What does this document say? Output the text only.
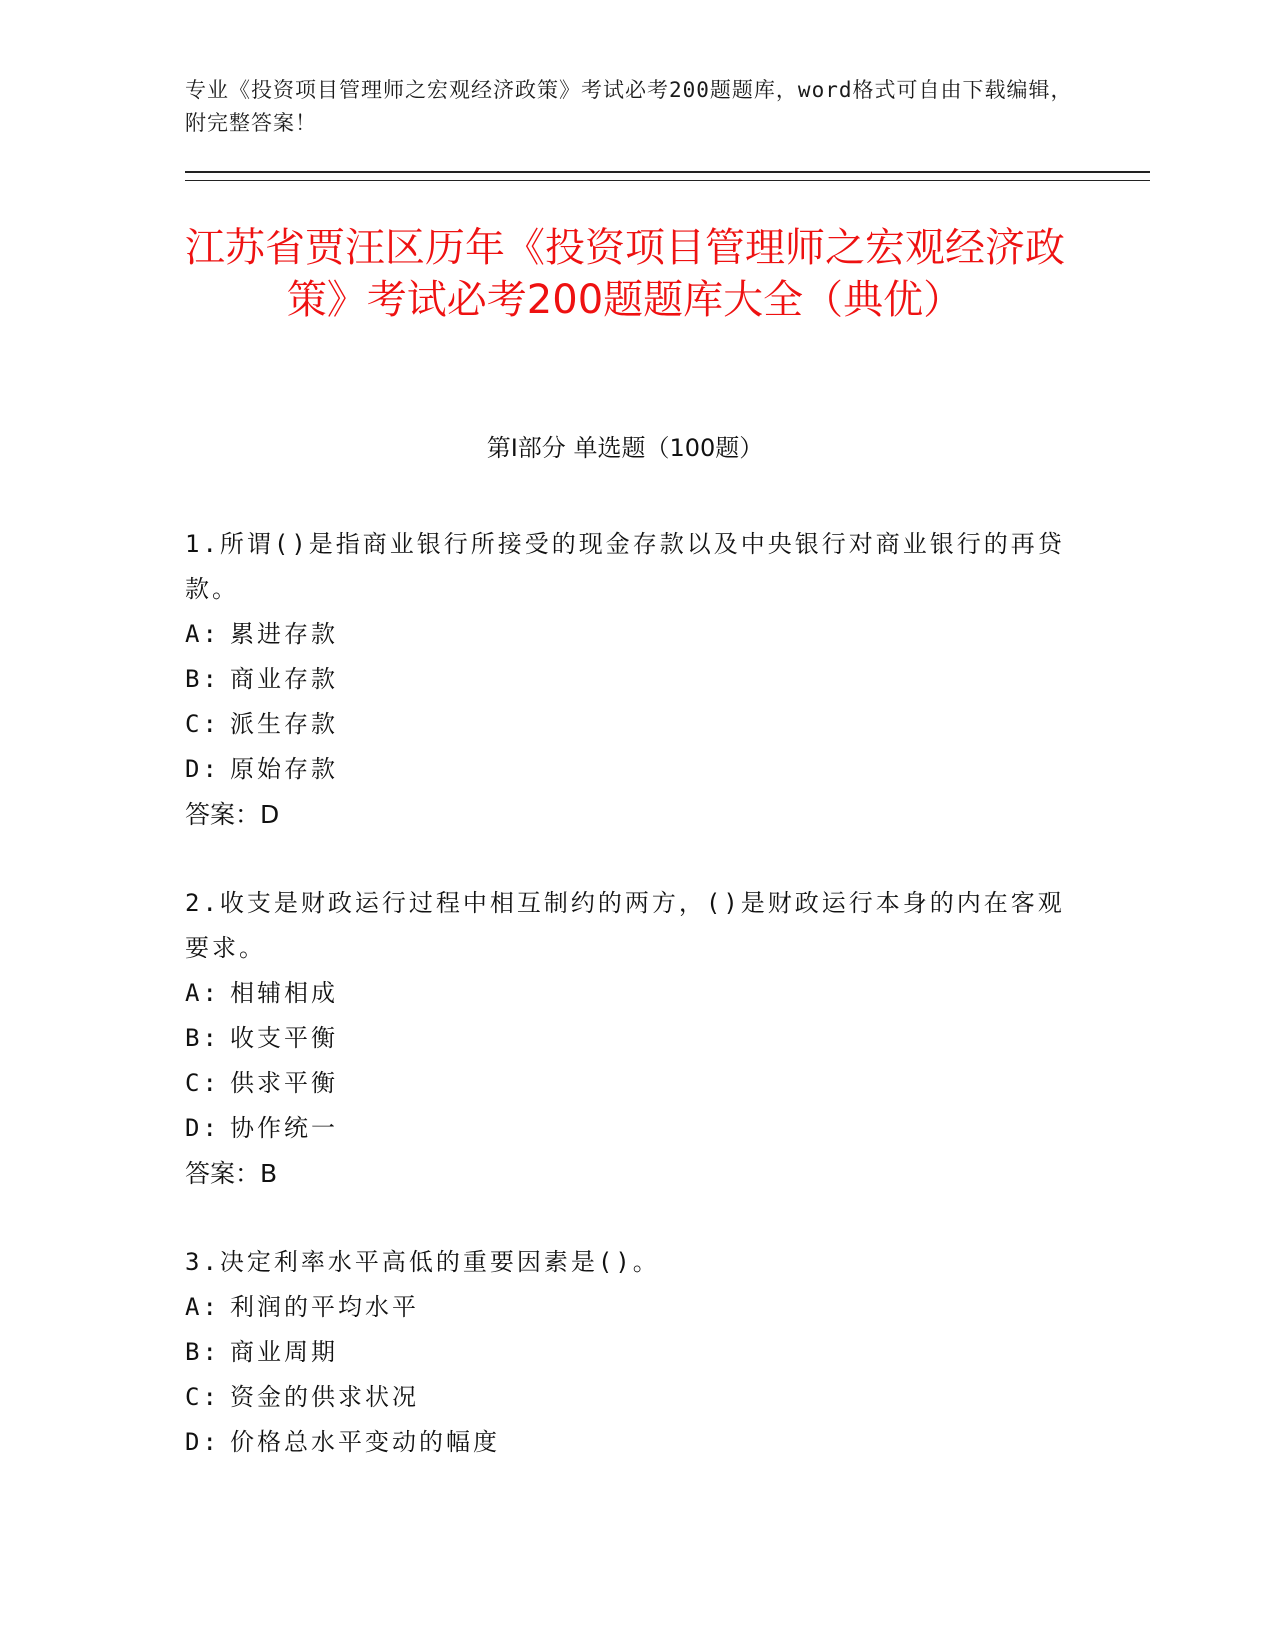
专业《投资项目管理师之宏观经济政策》考试必考200题题库，word格式可自由下载编辑，附完整答案！
江苏省贾汪区历年《投资项目管理师之宏观经济政策》考试必考200题题库大全（典优）
第I部分 单选题（100题）

1.所谓()是指商业银行所接受的现金存款以及中央银行对商业银行的再贷款。

A: 累进存款
B: 商业存款
C: 派生存款
D: 原始存款

答案：D

2.收支是财政运行过程中相互制约的两方，()是财政运行本身的内在客观要求。

A: 相辅相成
B: 收支平衡
C: 供求平衡
D: 协作统一

答案：B

3.决定利率水平高低的重要因素是()。

A: 利润的平均水平
B: 商业周期
C: 资金的供求状况
D: 价格总水平变动的幅度
